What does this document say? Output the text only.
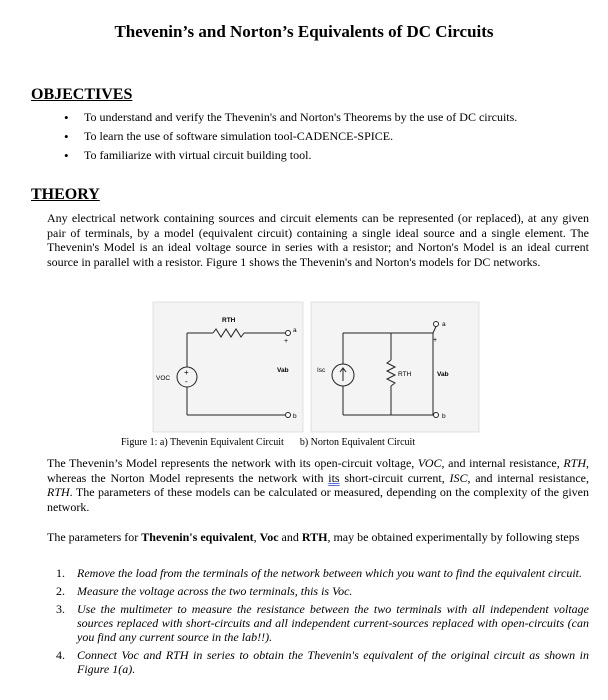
Thevenin’s and Norton’s Equivalents of DC Circuits
OBJECTIVES
• To understand and verify the Thevenin's and Norton's Theorems by the use of DC circuits.
• To learn the use of software simulation tool-CADENCE-SPICE.
• To familiarize with virtual circuit building tool.
THEORY

Any electrical network containing sources and circuit elements can be represented (or replaced), at any given pair of terminals, by a model (equivalent circuit) containing a single ideal source and a single element. The Thevenin's Model is an ideal voltage source in series with a resistor; and Norton's Model is an ideal current source in parallel with a resistor. Figure 1 shows the Thevenin's and Norton's models for DC networks.

+
-
RTH
VOC
Vab
a
+
b
Isc
RTH	Vab
a
+
b
Figure 1: a) Thevenin Equivalent Circuit b) Norton Equivalent Circuit

The Thevenin’s Model represents the network with its open-circuit voltage, VOC, and internal resistance, RTH, whereas the Norton Model represents the network with its short-circuit current, ISC, and internal resistance, RTH. The parameters of these models can be calculated or measured, depending on the complexity of the given network.

The parameters for Thevenin's equivalent, Voc and RTH, may be obtained experimentally by following steps

1. Remove the load from the terminals of the network between which you want to find the equivalent circuit.
2. Measure the voltage across the two terminals, this is Voc.
3. Use the multimeter to measure the resistance between the two terminals with all independent voltage sources replaced with short-circuits and all independent current-sources replaced with open-circuits (can you find any current source in the lab!!).
4. Connect Voc and RTH in series to obtain the Thevenin's equivalent of the original circuit as shown in Figure 1(a).
